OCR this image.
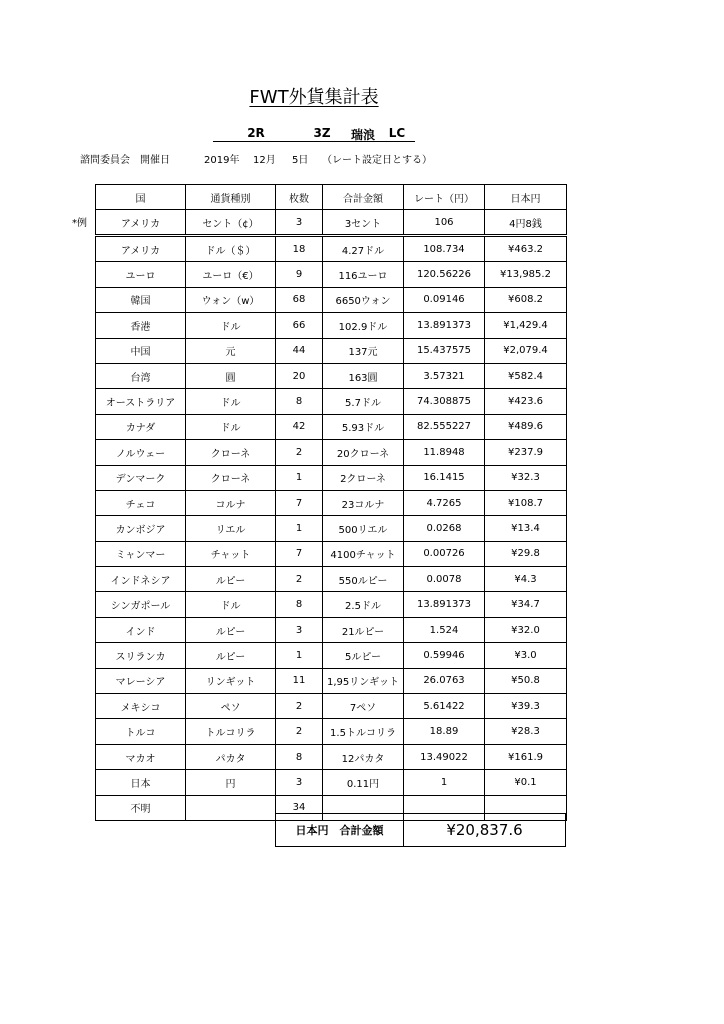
FWT外貨集計表
2R	3Z 瑞浪 LC
諮問委員会　開催日	2019年 12月 5日 （レート設定日とする）
*例
国	通貨種別	枚数	合計金額	レート（円）	日本円
アメリカ	セント（¢）	3	3セント	106	4円8銭
アメリカ	ドル（＄）	18	4.27ドル	108.734	¥463.2
ユーロ	ユーロ（€）	9	116ユーロ	120.56226	¥13,985.2
韓国	ウォン（w）	68	6650ウォン	0.09146	¥608.2
香港	ドル	66	102.9ドル	13.891373	¥1,429.4
中国	元	44	137元	15.437575	¥2,079.4
台湾	圓	20	163圓	3.57321	¥582.4
オーストラリア	ドル	8	5.7ドル	74.308875	¥423.6
カナダ	ドル	42	5.93ドル	82.555227	¥489.6
ノルウェー	クローネ	2	20クローネ	11.8948	¥237.9
デンマーク	クローネ	1	2クローネ	16.1415	¥32.3
チェコ	コルナ	7	23コルナ	4.7265	¥108.7
カンボジア	リエル	1	500リエル	0.0268	¥13.4
ミャンマー	チャット	7	4100チャット	0.00726	¥29.8
インドネシア	ルピー	2	550ルピー	0.0078	¥4.3
シンガポール	ドル	8	2.5ドル	13.891373	¥34.7
インド	ルピー	3	21ルピー	1.524	¥32.0
スリランカ	ルピー	1	5ルピー	0.59946	¥3.0
マレーシア	リンギット	11	1,95リンギット	26.0763	¥50.8
メキシコ	ペソ	2	7ペソ	5.61422	¥39.3
トルコ	トルコリラ	2	1.5トルコリラ	18.89	¥28.3
マカオ	パカタ	8	12パカタ	13.49022	¥161.9
日本	円	3	0.11円	1	¥0.1
不明		34			
日本円　合計金額	¥20,837.6
